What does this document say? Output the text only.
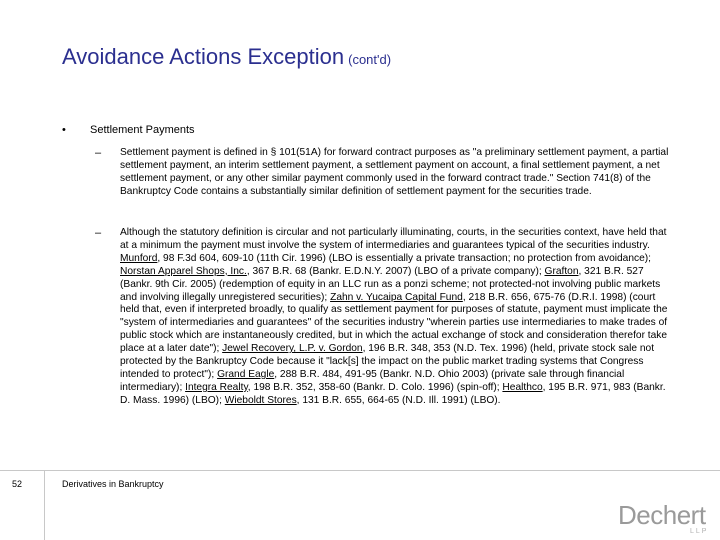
Avoidance Actions Exception (cont'd)
• Settlement Payments
– Settlement payment is defined in § 101(51A) for forward contract purposes as "a preliminary settlement payment, a partial settlement payment, an interim settlement payment, a settlement payment on account, a final settlement payment, a net settlement payment, or any other similar payment commonly used in the forward contract trade." Section 741(8) of the Bankruptcy Code contains a substantially similar definition of settlement payment for the securities trade.
– Although the statutory definition is circular and not particularly illuminating, courts, in the securities context, have held that at a minimum the payment must involve the system of intermediaries and guarantees typical of the securities industry. Munford, 98 F.3d 604, 609-10 (11th Cir. 1996) (LBO is essentially a private transaction; no protection from avoidance); Norstan Apparel Shops, Inc., 367 B.R. 68 (Bankr. E.D.N.Y. 2007) (LBO of a private company); Grafton, 321 B.R. 527 (Bankr. 9th Cir. 2005) (redemption of equity in an LLC run as a ponzi scheme; not protected-not involving public markets and involving illegally unregistered securities); Zahn v. Yucaipa Capital Fund, 218 B.R. 656, 675-76 (D.R.I. 1998) (court held that, even if interpreted broadly, to qualify as settlement payment for purposes of statute, payment must implicate the "system of intermediaries and guarantees" of the securities industry "wherein parties use intermediaries to make trades of public stock which are instantaneously credited, but in which the actual exchange of stock and consideration therefor take place at a later date"); Jewel Recovery, L.P. v. Gordon, 196 B.R. 348, 353 (N.D. Tex. 1996) (held, private stock sale not protected by the Bankruptcy Code because it "lack[s] the impact on the public market trading systems that Congress intended to protect"); Grand Eagle, 288 B.R. 484, 491-95 (Bankr. N.D. Ohio 2003) (private sale through financial intermediary); Integra Realty, 198 B.R. 352, 358-60 (Bankr. D. Colo. 1996) (spin-off); Healthco, 195 B.R. 971, 983 (Bankr. D. Mass. 1996) (LBO); Wieboldt Stores, 131 B.R. 655, 664-65 (N.D. Ill. 1991) (LBO).
52	Derivatives in Bankruptcy
Dechert
LLP
